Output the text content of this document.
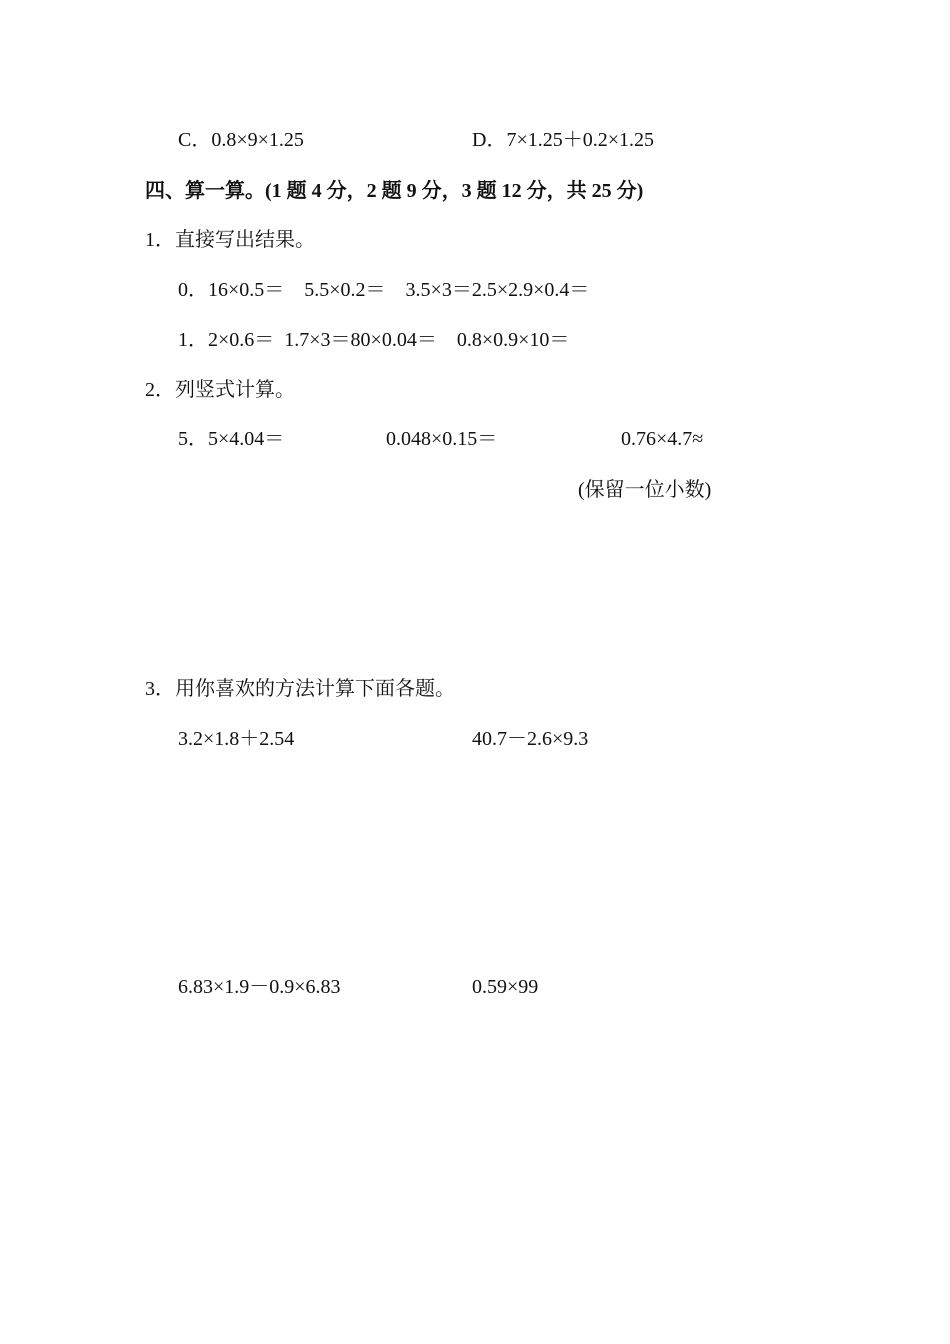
C．0.8×9×1.25	D．7×1.25＋0.2×1.25
四、算一算。(1 题 4 分，2 题 9 分，3 题 12 分，共 25 分)
1．直接写出结果。
0．16×0.5＝　5.5×0.2＝　3.5×3＝2.5×2.9×0.4＝
1．2×0.6＝  1.7×3＝80×0.04＝　0.8×0.9×10＝
2．列竖式计算。
5．5×4.04＝	0.048×0.15＝	0.76×4.7≈
(保留一位小数)
3．用你喜欢的方法计算下面各题。
3.2×1.8＋2.54	40.7－2.6×9.3
6.83×1.9－0.9×6.83	0.59×99
